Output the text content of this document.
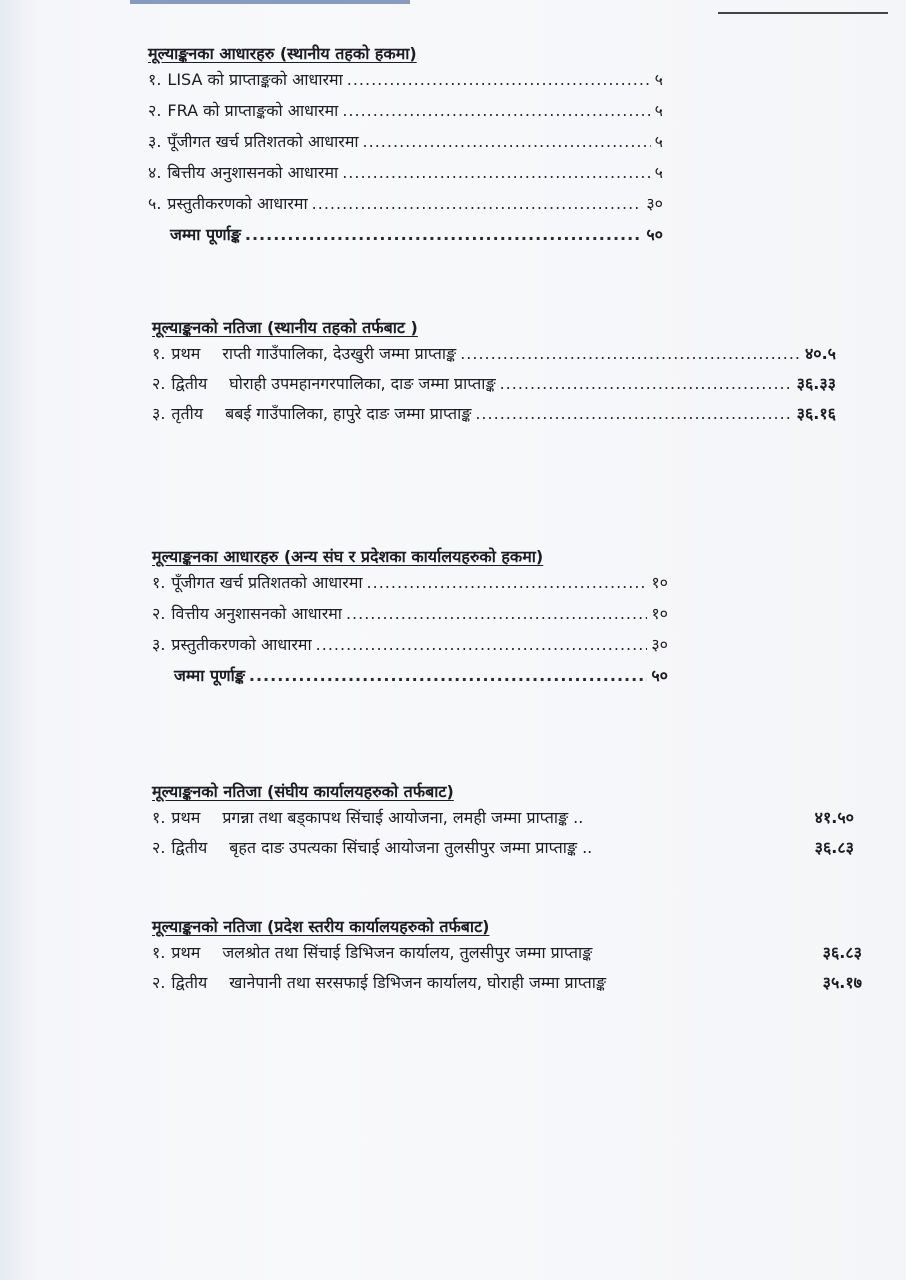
मूल्याङ्कनका आधारहरु (स्थानीय तहको हकमा)
१. LISA को प्राप्ताङ्कको आधारमा .....	५
२. FRA को प्राप्ताङ्कको आधारमा .....	५
३. पूँजीगत खर्च प्रतिशतको आधारमा .....	५
४. बित्तीय अनुशासनको आधारमा .....	५
५. प्रस्तुतीकरणको आधारमा .....	३०
जम्मा पूर्णाङ्क .....	५०
मूल्याङ्कनको नतिजा (स्थानीय तहको तर्फबाट )
१. प्रथम राप्ती गाउँपालिका, देउखुरी जम्मा प्राप्ताङ्क .....	४०.५
२. द्वितीय घोराही उपमहानगरपालिका, दाङ जम्मा प्राप्ताङ्क .....	३६.३३
३. तृतीय बबई गाउँपालिका, हापुरे दाङ जम्मा प्राप्ताङ्क .....	३६.१६
मूल्याङ्कनका आधारहरु (अन्य संघ र प्रदेशका कार्यालयहरुको हकमा)
१. पूँजीगत खर्च प्रतिशतको आधारमा .....	१०
२. वित्तीय अनुशासनको आधारमा .....	१०
३. प्रस्तुतीकरणको आधारमा .....	३०
जम्मा पूर्णाङ्क .....	५०
मूल्याङ्कनको नतिजा (संघीय कार्यालयहरुको तर्फबाट)
१. प्रथम प्रगन्ना तथा बड्कापथ सिंचाई आयोजना, लमही जम्मा प्राप्ताङ्क ..	४१.५०
२. द्वितीय बृहत दाङ उपत्यका सिंचाई आयोजना तुलसीपुर जम्मा प्राप्ताङ्क ..	३६.८३
मूल्याङ्कनको नतिजा (प्रदेश स्तरीय कार्यालयहरुको तर्फबाट)
१. प्रथम जलश्रोत तथा सिंचाई डिभिजन कार्यालय, तुलसीपुर जम्मा प्राप्ताङ्क	३६.८३
२. द्वितीय खानेपानी तथा सरसफाई डिभिजन कार्यालय, घोराही जम्मा प्राप्ताङ्क	३५.१७
